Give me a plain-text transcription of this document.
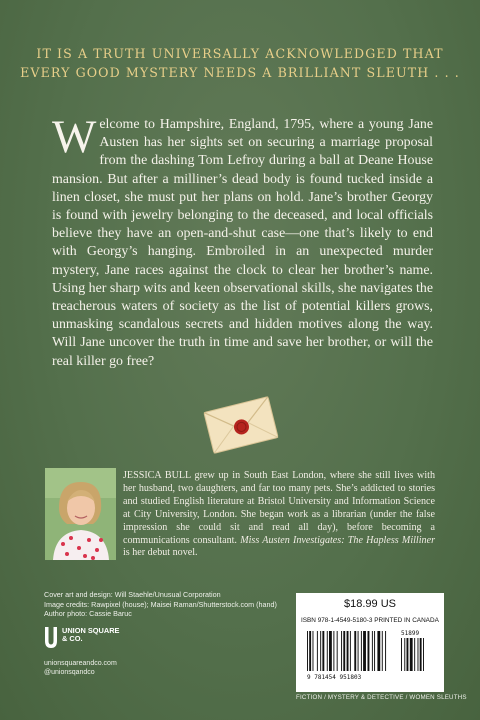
IT IS A TRUTH UNIVERSALLY ACKNOWLEDGED THAT
EVERY GOOD MYSTERY NEEDS A BRILLIANT SLEUTH . . .
Welcome to Hampshire, England, 1795, where a young Jane Austen has her sights set on securing a marriage proposal from the dashing Tom Lefroy during a ball at Deane House mansion. But after a milliner’s dead body is found tucked inside a linen closet, she must put her plans on hold. Jane’s brother Georgy is found with jewelry belonging to the deceased, and local officials believe they have an open-and-shut case—one that’s likely to end with Georgy’s hanging. Embroiled in an unexpected murder mystery, Jane races against the clock to clear her brother’s name. Using her sharp wits and keen observational skills, she navigates the treacherous waters of society as the list of potential killers grows, unmasking scandalous secrets and hidden motives along the way. Will Jane uncover the truth in time and save her brother, or will the real killer go free?
JESSICA BULL grew up in South East London, where she still lives with her husband, two daughters, and far too many pets. She’s addicted to stories and studied English literature at Bristol University and Information Science at City University, London. She began work as a librarian (under the false impression she could sit and read all day), before becoming a communications consultant. Miss Austen Investigates: The Hapless Milliner is her debut novel.
Cover art and design: Will Staehle/Unusual Corporation
Image credits: Rawpixel (house); Maisei Raman/Shutterstock.com (hand)
Author photo: Cassie Baruc
UNION SQUARE
& CO.
unionsquareandco.com
@unionsqandco
$18.99 US
ISBN 978-1-4549-5180-3 PRINTED IN CANADA
9 781454 951803
51899
FICTION / MYSTERY & DETECTIVE / WOMEN SLEUTHS
